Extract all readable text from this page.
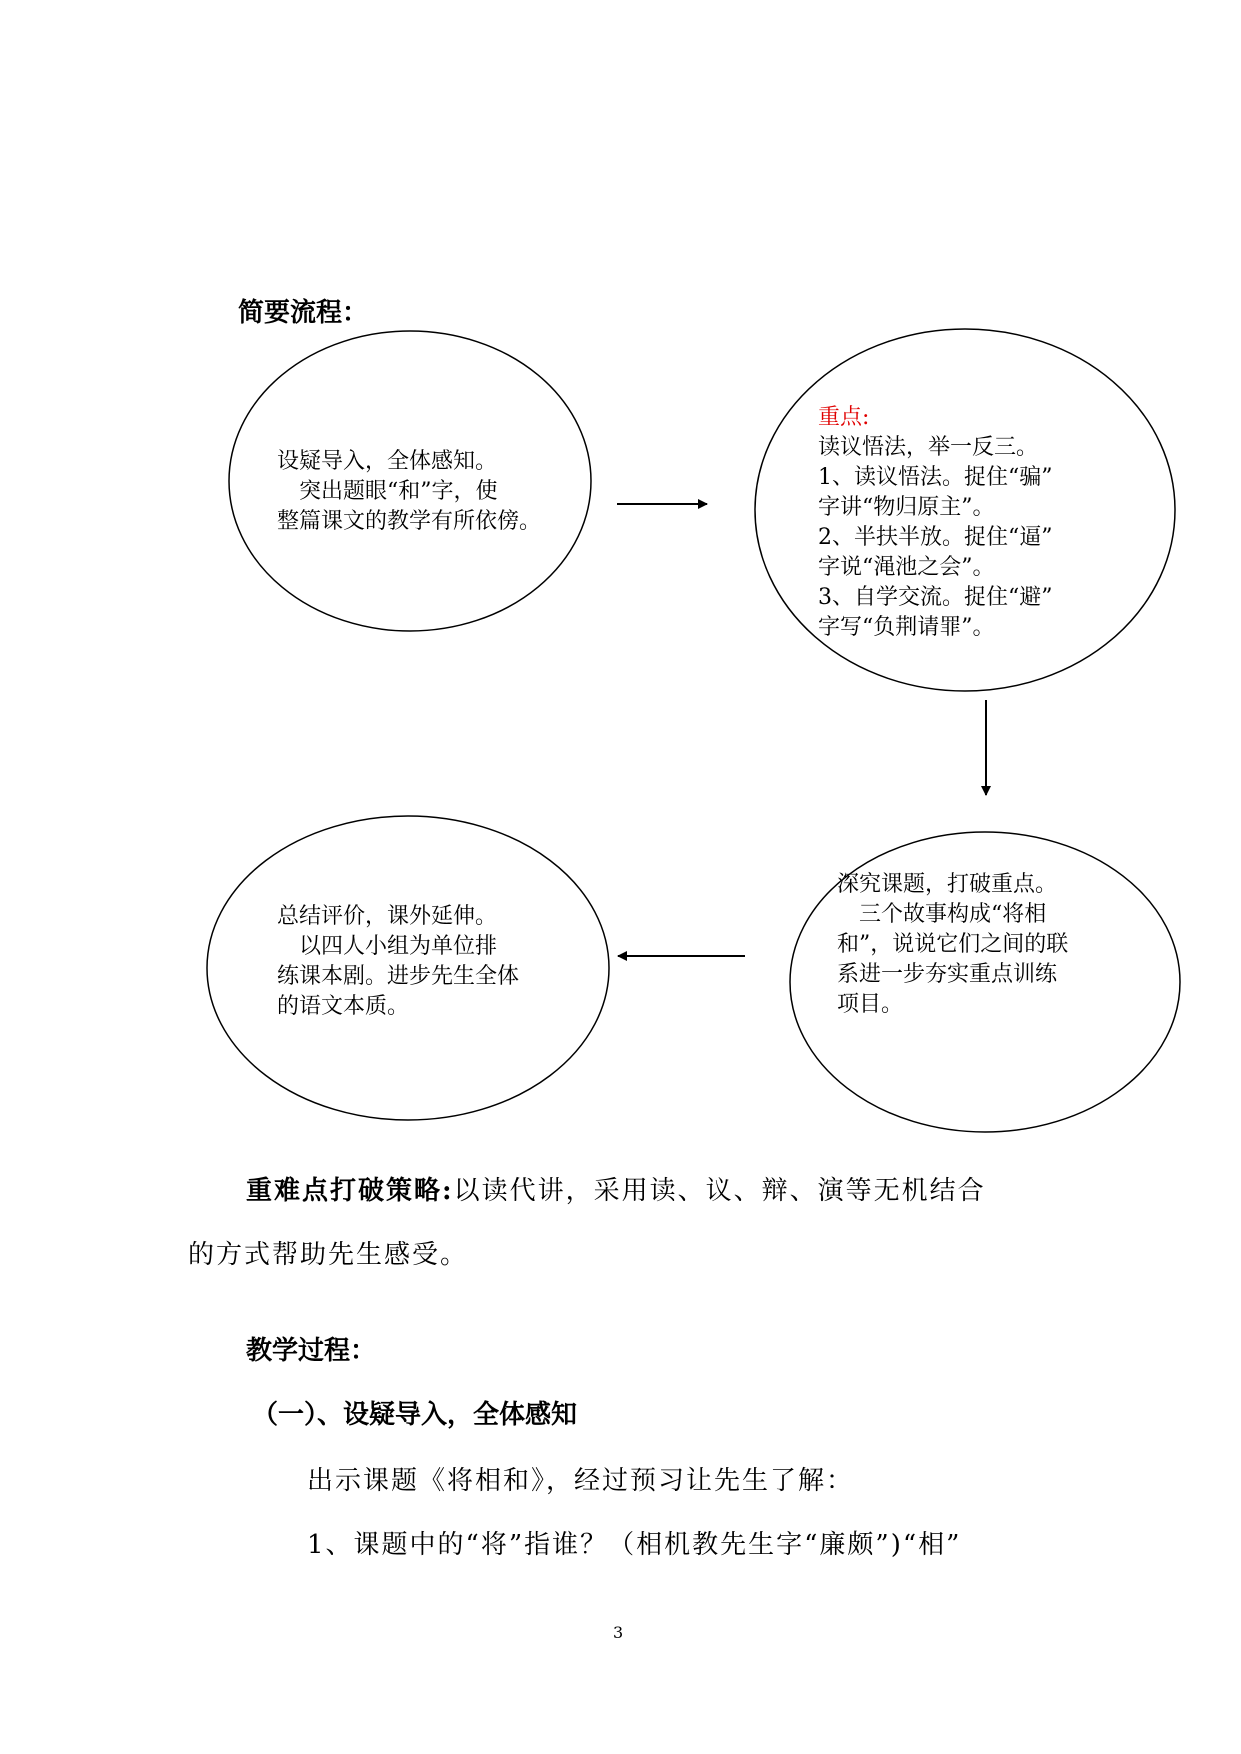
简要流程：
设疑导入，全体感知。
突出题眼“和”字，使
整篇课文的教学有所依傍。
重点:
读议悟法，举一反三。
1、读议悟法。捉住“骗”
字讲“物归原主”。
2、半扶半放。捉住“逼”
字说“渑池之会”。
3、自学交流。捉住“避”
字写“负荆请罪”。
深究课题，打破重点。
三个故事构成“将相
和”，说说它们之间的联
系进一步夯实重点训练
项目。
总结评价，课外延伸。
以四人小组为单位排
练课本剧。进步先生全体
的语文本质。
重难点打破策略:以读代讲，采用读、议、辩、演等无机结合
的方式帮助先生感受。
教学过程：
（一）、设疑导入，全体感知
出示课题《将相和》，经过预习让先生了解：
1、课题中的“将”指谁？（相机教先生字“廉颇”)“相”
3
